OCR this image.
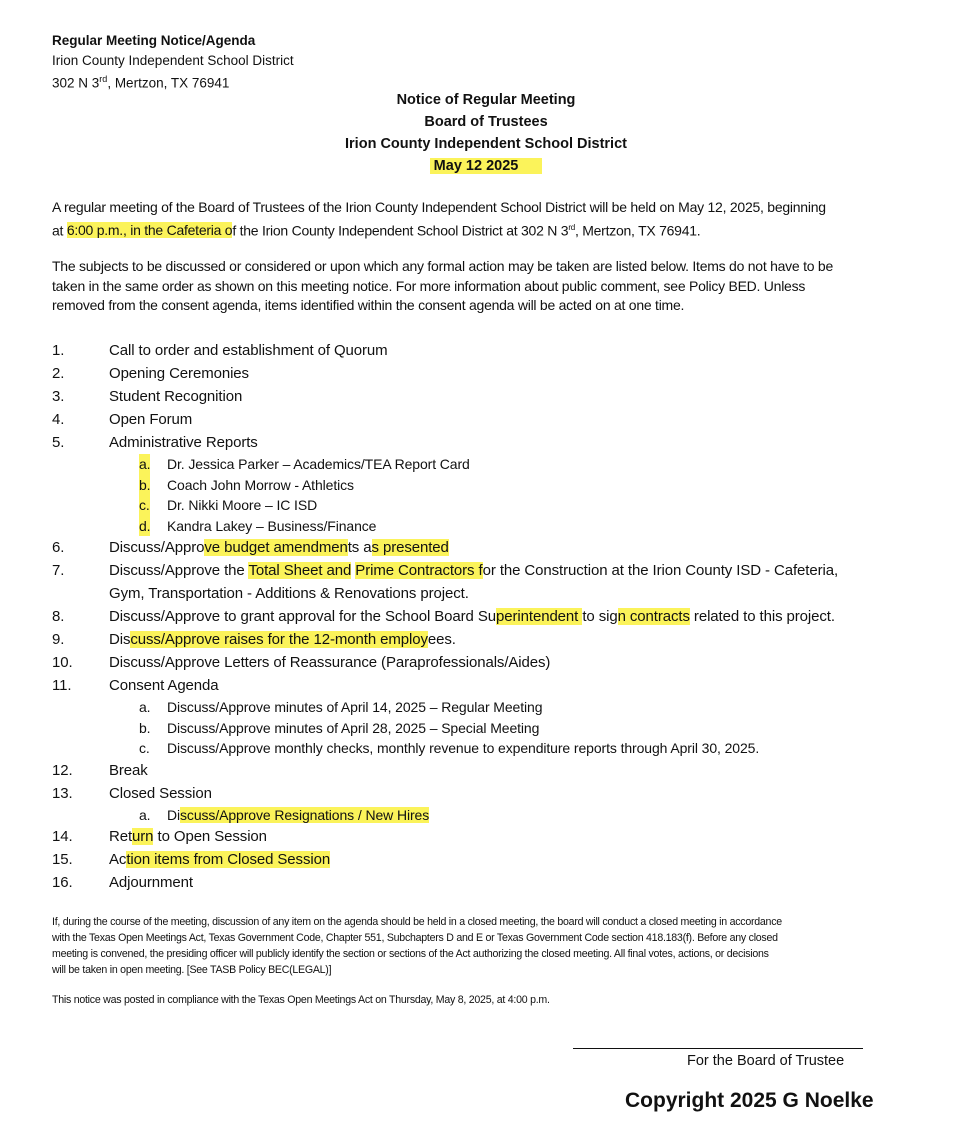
Regular Meeting Notice/Agenda
Irion County Independent School District
302 N 3rd, Mertzon, TX 76941
Notice of Regular Meeting
Board of Trustees
Irion County Independent School District
May 12 2025
A regular meeting of the Board of Trustees of the Irion County Independent School District will be held on May 12, 2025, beginning
at 6:00 p.m., in the Cafeteria of the Irion County Independent School District at 302 N 3rd, Mertzon, TX 76941.
The subjects to be discussed or considered or upon which any formal action may be taken are listed below. Items do not have to be
taken in the same order as shown on this meeting notice. For more information about public comment, see Policy BED. Unless
removed from the consent agenda, items identified within the consent agenda will be acted on at one time.
1.	Call to order and establishment of Quorum
2.	Opening Ceremonies
3.	Student Recognition
4.	Open Forum
5.	Administrative Reports
a. Dr. Jessica Parker – Academics/TEA Report Card
b. Coach John Morrow - Athletics
c. Dr. Nikki Moore – IC ISD
d. Kandra Lakey – Business/Finance
6.	Discuss/Approve budget amendments as presented
7.	Discuss/Approve the Total Sheet and Prime Contractors for the Construction at the Irion County ISD - Cafeteria,
Gym, Transportation - Additions & Renovations project.
8.	Discuss/Approve to grant approval for the School Board Superintendent to sign contracts related to this project.
9.	Discuss/Approve raises for the 12-month employees.
10. Discuss/Approve Letters of Reassurance (Paraprofessionals/Aides)
11.	Consent Agenda
a. Discuss/Approve minutes of April 14, 2025 – Regular Meeting
b. Discuss/Approve minutes of April 28, 2025 – Special Meeting
c. Discuss/Approve monthly checks, monthly revenue to expenditure reports through April 30, 2025.
12. Break
13. Closed Session
a. Discuss/Approve Resignations / New Hires
14. Return to Open Session
15. Action items from Closed Session
16. Adjournment
If, during the course of the meeting, discussion of any item on the agenda should be held in a closed meeting, the board will conduct a closed meeting in accordance
with the Texas Open Meetings Act, Texas Government Code, Chapter 551, Subchapters D and E or Texas Government Code section 418.183(f). Before any closed
meeting is convened, the presiding officer will publicly identify the section or sections of the Act authorizing the closed meeting. All final votes, actions, or decisions
will be taken in open meeting. [See TASB Policy BEC(LEGAL)]
This notice was posted in compliance with the Texas Open Meetings Act on Thursday, May 8, 2025, at 4:00 p.m.
For the Board of Trustee
Copyright 2025 G Noelke
